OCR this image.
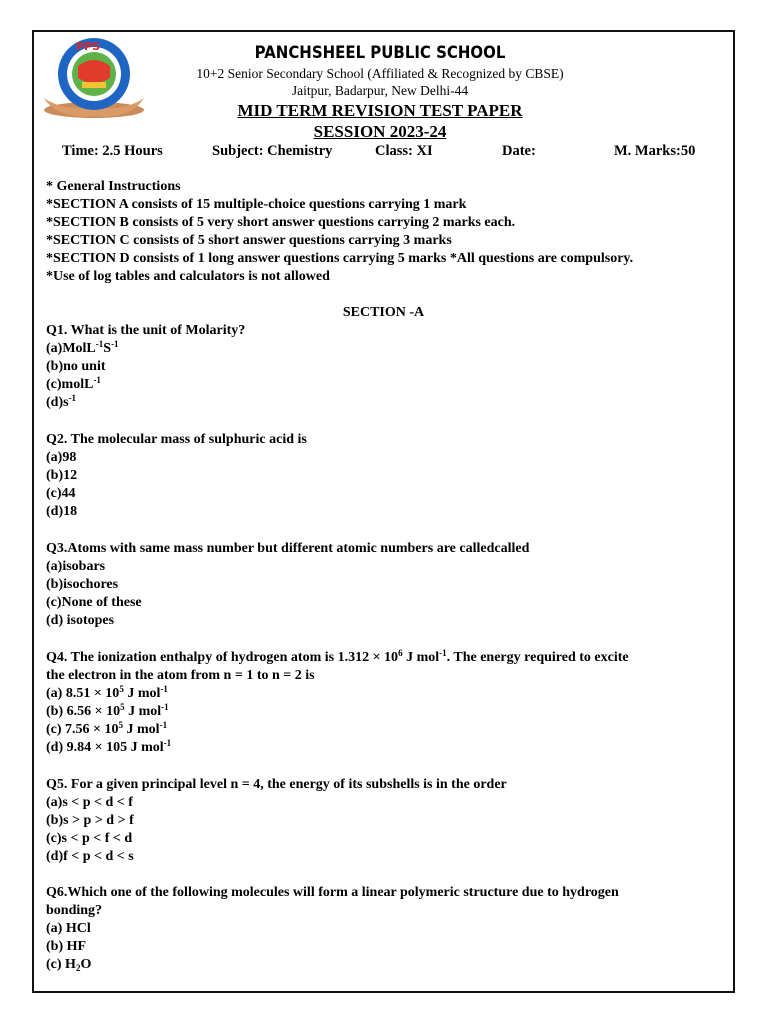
PPS	PANCHSHEEL PUBLIC SCHOOL
10+2 Senior Secondary School (Affiliated & Recognized by CBSE)
Jaitpur, Badarpur, New Delhi-44
MID TERM REVISION TEST PAPER
SESSION 2023-24
Time: 2.5 Hours	Subject: Chemistry	Class: XI	Date:	M. Marks:50
* General Instructions
*SECTION A consists of 15 multiple-choice questions carrying 1 mark
*SECTION B consists of 5 very short answer questions carrying 2 marks each.
*SECTION C consists of 5 short answer questions carrying 3 marks
*SECTION D consists of 1 long answer questions carrying 5 marks *All questions are compulsory.
*Use of log tables and calculators is not allowed
SECTION -A
Q1. What is the unit of Molarity?
$(a)MolL^{-1}S^{-1}$
(b)no unit
(c)molL$^{-1}$
$(d)s^{-1}$
Q2. The molecular mass of sulphuric acid is
(a)98
(b)12
(c)44
(d)18
Q3.Atoms with same mass number but different atomic numbers are calledcalled
(a)isobars
(b)isochores
(c)None of these
(d) isotopes
Q4. The ionization enthalpy of hydrogen atom is $1.312 \times 10^6$ J mol$^{-1}$. The energy required to excite
the electron in the atom from n = 1 to n = 2 is
(a) $8.51 \times 10^5$ J mol$^{-1}$
(b) $6.56 \times 10^5$ J mol$^{-1}$
(c) $7.56 \times 10^5$ J mol$^{-1}$
(d) 9.84 × 105 J mol$^{-1}$
Q5. For a given principal level n = 4, the energy of its subshells is in the order
(a)s < p < d < f
(b)s > p > d > f
(c)s < p < f < d
(d)f < p < d < s
Q6.Which one of the following molecules will form a linear polymeric structure due to hydrogen
bonding?
(a) HCl
(b) HF
(c) $H_2O$
